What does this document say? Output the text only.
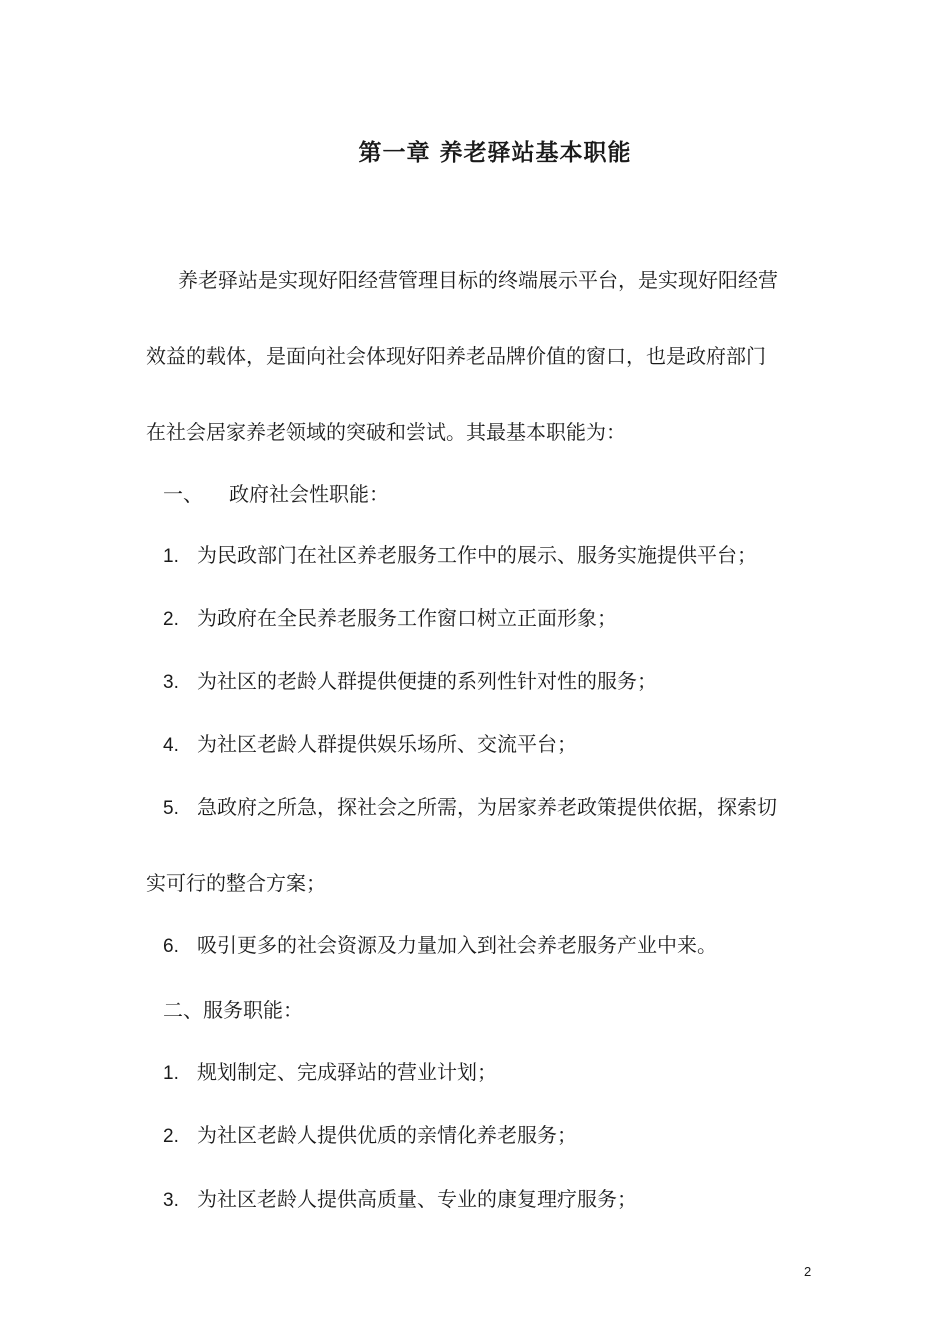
第一章 养老驿站基本职能
养老驿站是实现好阳经营管理目标的终端展示平台，是实现好阳经营
效益的载体，是面向社会体现好阳养老品牌价值的窗口，也是政府部门
在社会居家养老领域的突破和尝试。其最基本职能为：
一、 政府社会性职能：
1. 为民政部门在社区养老服务工作中的展示、服务实施提供平台；
2. 为政府在全民养老服务工作窗口树立正面形象；
3. 为社区的老龄人群提供便捷的系列性针对性的服务；
4. 为社区老龄人群提供娱乐场所、交流平台；
5. 急政府之所急，探社会之所需，为居家养老政策提供依据，探索切
实可行的整合方案；
6. 吸引更多的社会资源及力量加入到社会养老服务产业中来。
二、服务职能：
1. 规划制定、完成驿站的营业计划；
2. 为社区老龄人提供优质的亲情化养老服务；
3. 为社区老龄人提供高质量、专业的康复理疗服务；
2
